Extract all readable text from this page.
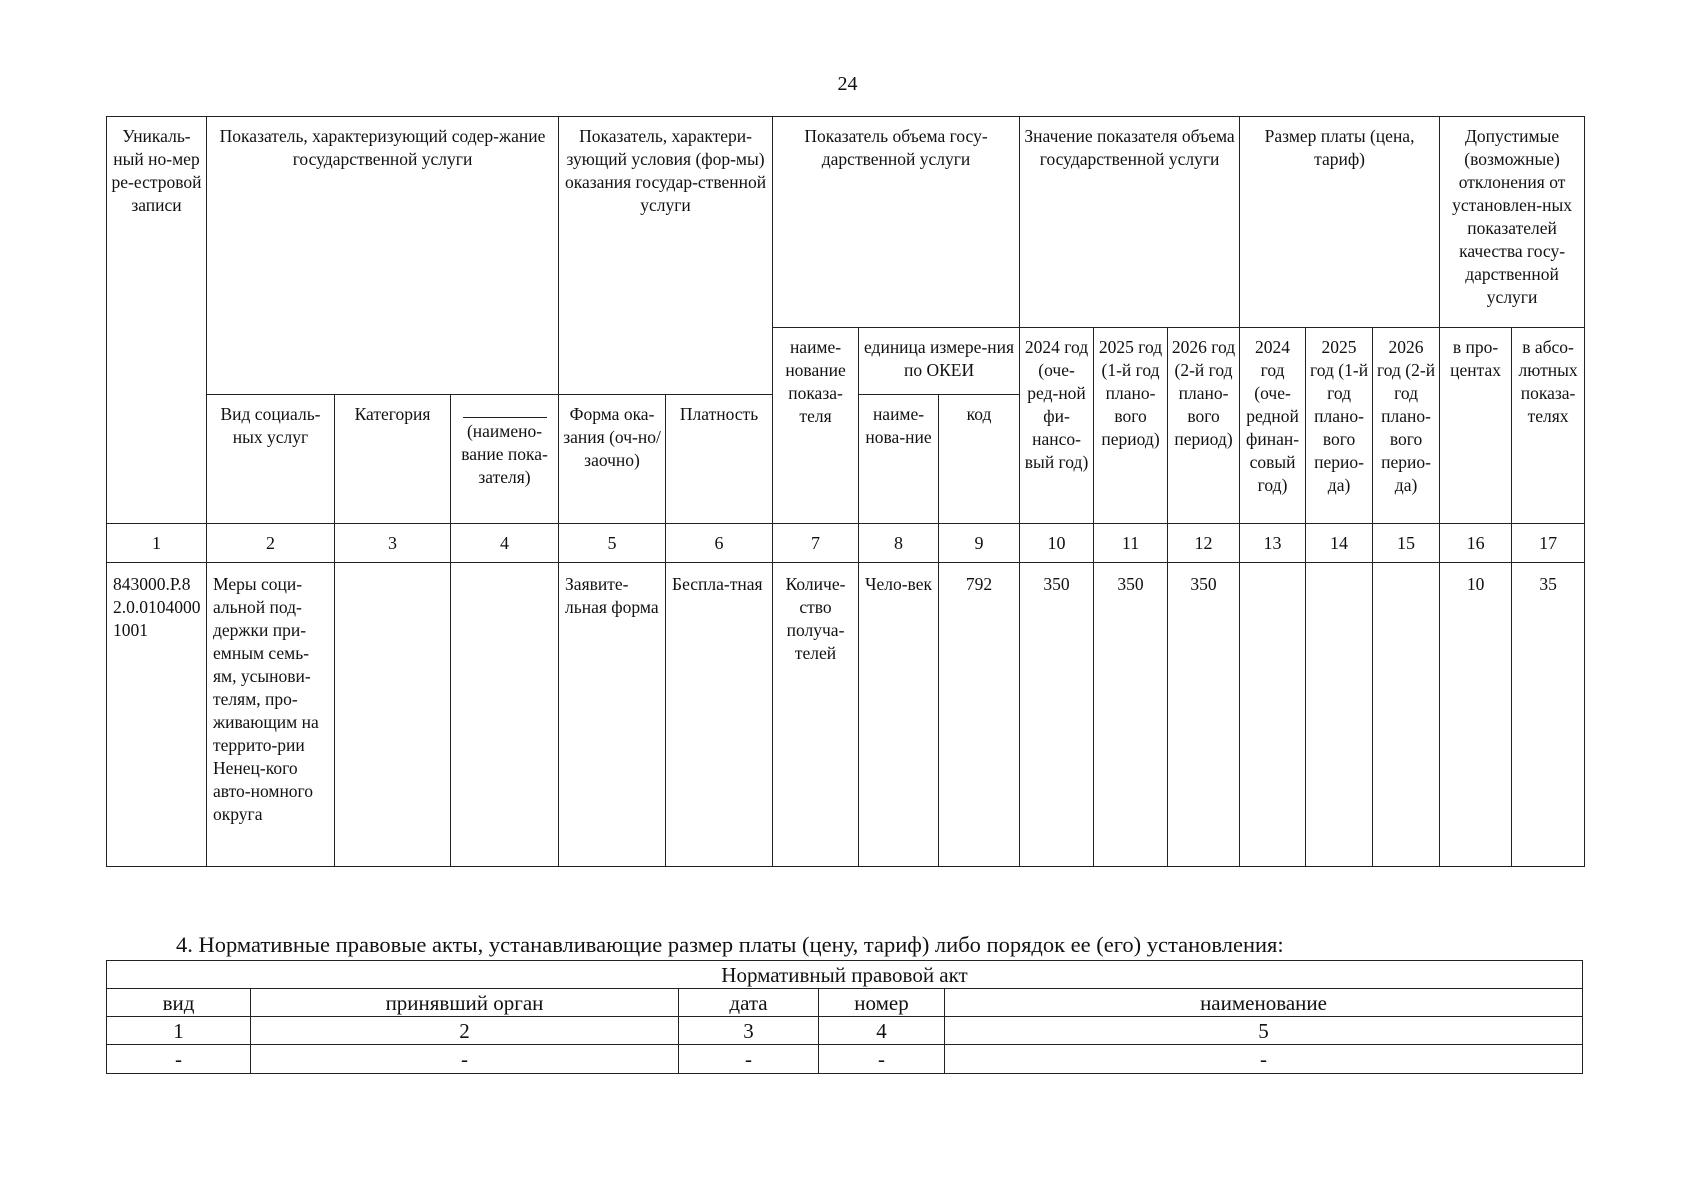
24
Уникаль-ный но-мер ре-естровой записи	Показатель, характеризующий содер-жание государственной услуги			Показатель, характери-зующий условия (фор-мы) оказания государ-ственной услуги		Показатель объема госу-дарственной услуги			Значение показателя объема государственной услуги			Размер платы (цена, тариф)			Допустимые (возможные) отклонения от установлен-ных показателей качества госу-дарственной услуги	
						наиме-нование показа-теля	единица измере-ния по ОКЕИ		2024 год (оче-ред-ной фи-нансо-вый год)	2025 год (1-й год плано-вого период)	2026 год (2-й год плано-вого период)	2024 год (оче-редной финан-совый год)	2025 год (1-й год плано-вого перио-да)	2026 год (2-й год плано-вого перио-да)	в про-центах	в абсо-лютных показа-телях
	Вид социаль-ных услуг	Категория	(наимено-вание пока-зателя)	Форма ока-зания (оч-но/заочно)	Платность		наиме-нова-ние	код								
1	2	3	4	5	6	7	8	9	10	11	12	13	14	15	16	17
843000.Р.82.0.01040001001	Меры соци-альной под-держки при-емным семь-ям, усынови-телям, про-живающим на террито-рии Ненец-кого авто-номного округа			Заявите-льная форма	Беспла-тная	Количе-ство получа-телей	Чело-век	792	350	350	350				10	35
4. Нормативные правовые акты, устанавливающие размер платы (цену, тариф) либо порядок ее (его) установления:
Нормативный правовой акт				
вид	принявший орган	дата	номер	наименование
1	2	3	4	5
-	-	-	-	-
